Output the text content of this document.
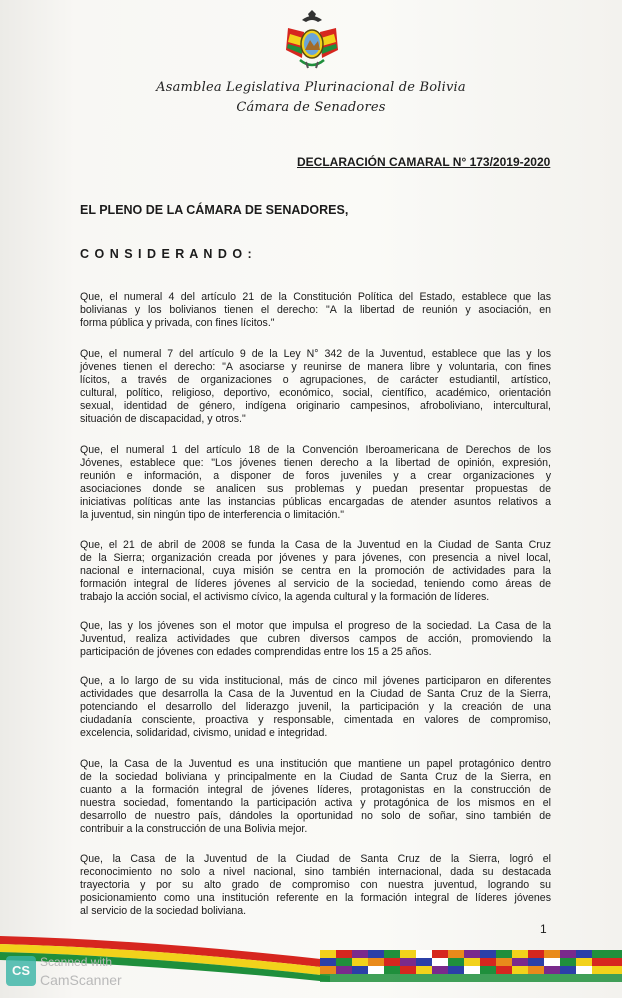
Asamblea Legislativa Plurinacional de Bolivia

Cámara de Senadores

DECLARACIÓN CAMARAL N° 173/2019-2020

EL PLENO DE LA CÁMARA DE SENADORES,

C O N S I D E R A N D O :

Que, el numeral 4 del artículo 21 de la Constitución Política del Estado, establece que las
bolivianas y los bolivianos tienen el derecho: "A la libertad de reunión y asociación, en
forma pública y privada, con fines lícitos."
Que, el numeral 7 del artículo 9 de la Ley N° 342 de la Juventud, establece que las y los
jóvenes tienen el derecho: "A asociarse y reunirse de manera libre y voluntaria, con fines
lícitos, a través de organizaciones o agrupaciones, de carácter estudiantil, artístico,
cultural, político, religioso, deportivo, económico, social, científico, académico, orientación
sexual, identidad de género, indígena originario campesinos, afroboliviano, intercultural,
situación de discapacidad, y otros."
Que, el numeral 1 del artículo 18 de la Convención Iberoamericana de Derechos de los
Jóvenes, establece que: "Los jóvenes tienen derecho a la libertad de opinión, expresión,
reunión e información, a disponer de foros juveniles y a crear organizaciones y
asociaciones donde se analicen sus problemas y puedan presentar propuestas de
iniciativas políticas ante las instancias públicas encargadas de atender asuntos relativos a
la juventud, sin ningún tipo de interferencia o limitación."
Que, el 21 de abril de 2008 se funda la Casa de la Juventud en la Ciudad de Santa Cruz
de la Sierra; organización creada por jóvenes y para jóvenes, con presencia a nivel local,
nacional e internacional, cuya misión se centra en la promoción de actividades para la
formación integral de líderes jóvenes al servicio de la sociedad, teniendo como áreas de
trabajo la acción social, el activismo cívico, la agenda cultural y la formación de líderes.
Que, las y los jóvenes son el motor que impulsa el progreso de la sociedad. La Casa de la
Juventud, realiza actividades que cubren diversos campos de acción, promoviendo la
participación de jóvenes con edades comprendidas entre los 15 a 25 años.
Que, a lo largo de su vida institucional, más de cinco mil jóvenes participaron en diferentes
actividades que desarrolla la Casa de la Juventud en la Ciudad de Santa Cruz de la Sierra,
potenciando el desarrollo del liderazgo juvenil, la participación y la creación de una
ciudadanía consciente, proactiva y responsable, cimentada en valores de compromiso,
excelencia, solidaridad, civismo, unidad e integridad.
Que, la Casa de la Juventud es una institución que mantiene un papel protagónico dentro
de la sociedad boliviana y principalmente en la Ciudad de Santa Cruz de la Sierra, en
cuanto a la formación integral de jóvenes líderes, protagonistas en la construcción de
nuestra sociedad, fomentando la participación activa y protagónica de los mismos en el
desarrollo de nuestro país, dándoles la oportunidad no solo de soñar, sino también de
contribuir a la construcción de una Bolivia mejor.
Que, la Casa de la Juventud de la Ciudad de Santa Cruz de la Sierra, logró el
reconocimiento no solo a nivel nacional, sino también internacional, dada su destacada
trayectoria y por su alto grado de compromiso con nuestra juventud, logrando su
posicionamiento como una institución referente en la formación integral de líderes jóvenes
al servicio de la sociedad boliviana.

1

CS

Scanned with

CamScanner
